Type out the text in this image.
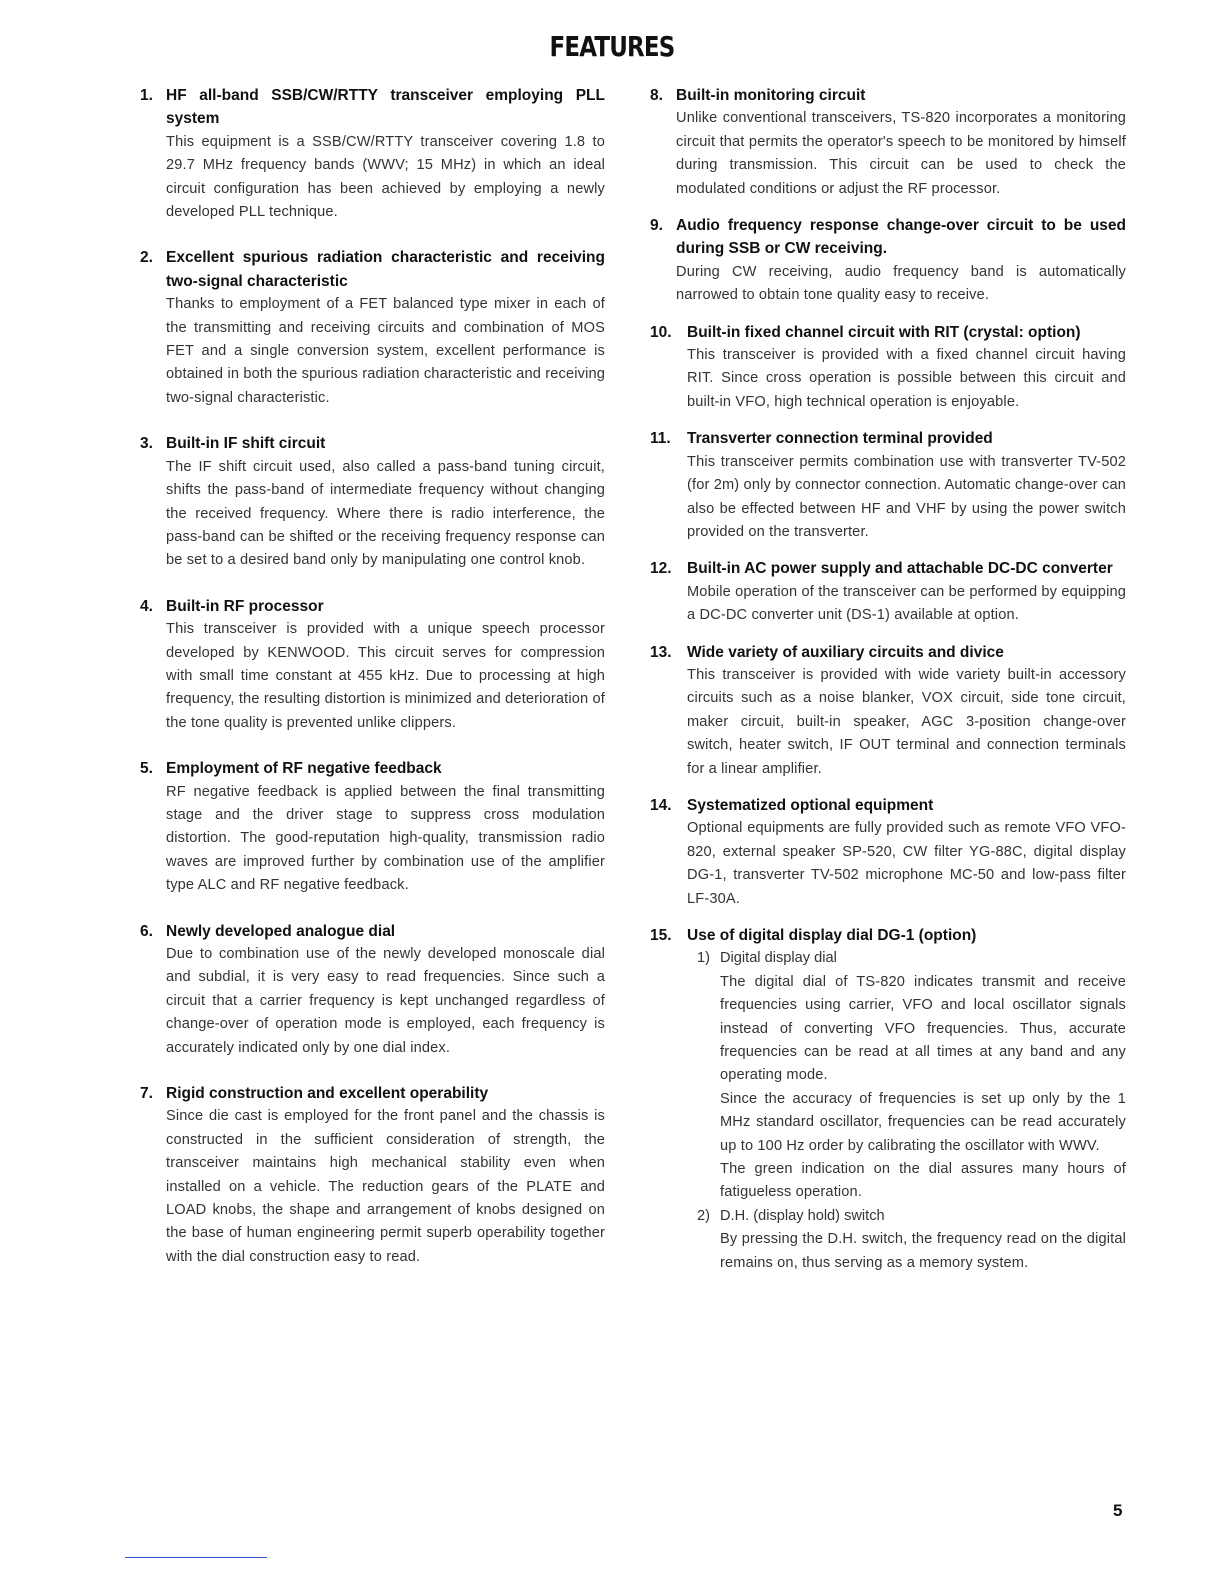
FEATURES
1. HF all-band SSB/CW/RTTY transceiver employing PLL system
This equipment is a SSB/CW/RTTY transceiver covering 1.8 to 29.7 MHz frequency bands (WWV; 15 MHz) in which an ideal circuit configuration has been achieved by employing a newly developed PLL technique.
2. Excellent spurious radiation characteristic and receiving two-signal characteristic
Thanks to employment of a FET balanced type mixer in each of the transmitting and receiving circuits and combination of MOS FET and a single conversion system, excellent performance is obtained in both the spurious radiation characteristic and receiving two-signal characteristic.
3. Built-in IF shift circuit
The IF shift circuit used, also called a pass-band tuning circuit, shifts the pass-band of intermediate frequency without changing the received frequency. Where there is radio interference, the pass-band can be shifted or the receiving frequency response can be set to a desired band only by manipulating one control knob.
4. Built-in RF processor
This transceiver is provided with a unique speech processor developed by KENWOOD. This circuit serves for compression with small time constant at 455 kHz. Due to processing at high frequency, the resulting distortion is minimized and deterioration of the tone quality is prevented unlike clippers.
5. Employment of RF negative feedback
RF negative feedback is applied between the final transmitting stage and the driver stage to suppress cross modulation distortion. The good-reputation high-quality, transmission radio waves are improved further by combination use of the amplifier type ALC and RF negative feedback.
6. Newly developed analogue dial
Due to combination use of the newly developed monoscale dial and subdial, it is very easy to read frequencies. Since such a circuit that a carrier frequency is kept unchanged regardless of change-over of operation mode is employed, each frequency is accurately indicated only by one dial index.
7. Rigid construction and excellent operability
Since die cast is employed for the front panel and the chassis is constructed in the sufficient consideration of strength, the transceiver maintains high mechanical stability even when installed on a vehicle. The reduction gears of the PLATE and LOAD knobs, the shape and arrangement of knobs designed on the base of human engineering permit superb operability together with the dial construction easy to read.
8. Built-in monitoring circuit
Unlike conventional transceivers, TS-820 incorporates a monitoring circuit that permits the operator's speech to be monitored by himself during transmission. This circuit can be used to check the modulated conditions or adjust the RF processor.
9. Audio frequency response change-over circuit to be used during SSB or CW receiving.
During CW receiving, audio frequency band is automatically narrowed to obtain tone quality easy to receive.
10. Built-in fixed channel circuit with RIT (crystal: option)
This transceiver is provided with a fixed channel circuit having RIT. Since cross operation is possible between this circuit and built-in VFO, high technical operation is enjoyable.
11. Transverter connection terminal provided
This transceiver permits combination use with transverter TV-502 (for 2m) only by connector connection. Automatic change-over can also be effected between HF and VHF by using the power switch provided on the transverter.
12. Built-in AC power supply and attachable DC-DC converter
Mobile operation of the transceiver can be performed by equipping a DC-DC converter unit (DS-1) available at option.
13. Wide variety of auxiliary circuits and divice
This transceiver is provided with wide variety built-in accessory circuits such as a noise blanker, VOX circuit, side tone circuit, maker circuit, built-in speaker, AGC 3-position change-over switch, heater switch, IF OUT terminal and connection terminals for a linear amplifier.
14. Systematized optional equipment
Optional equipments are fully provided such as remote VFO VFO-820, external speaker SP-520, CW filter YG-88C, digital display DG-1, transverter TV-502 microphone MC-50 and low-pass filter LF-30A.
15. Use of digital display dial DG-1 (option)
1) Digital display dial
The digital dial of TS-820 indicates transmit and receive frequencies using carrier, VFO and local oscillator signals instead of converting VFO frequencies. Thus, accurate frequencies can be read at all times at any band and any operating mode.
Since the accuracy of frequencies is set up only by the 1 MHz standard oscillator, frequencies can be read accurately up to 100 Hz order by calibrating the oscillator with WWV.
The green indication on the dial assures many hours of fatigueless operation.
2) D.H. (display hold) switch
By pressing the D.H. switch, the frequency read on the digital remains on, thus serving as a memory system.
5
